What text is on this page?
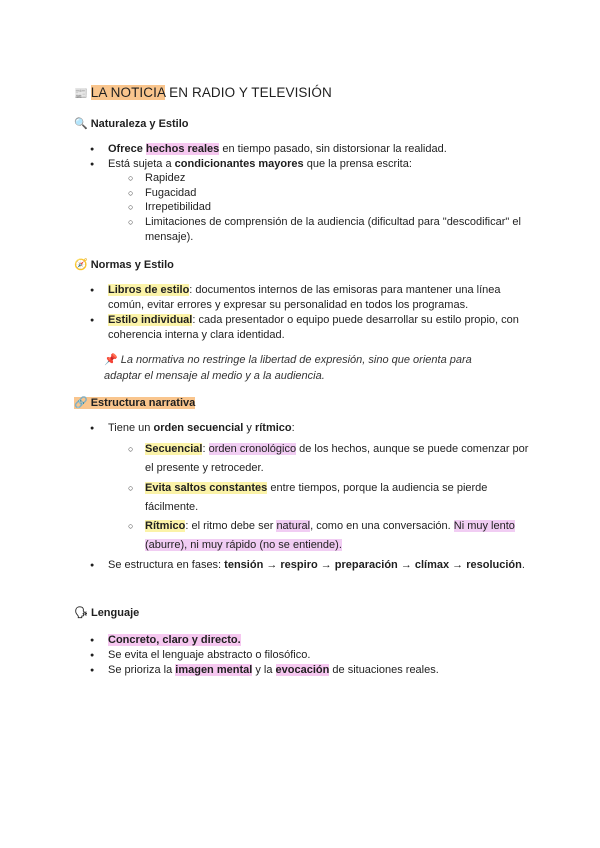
📰 LA NOTICIA EN RADIO Y TELEVISIÓN
🔍 Naturaleza y Estilo
● Ofrece hechos reales en tiempo pasado, sin distorsionar la realidad.
● Está sujeta a condicionantes mayores que la prensa escrita:
○ Rapidez
○ Fugacidad
○ Irrepetibilidad
○ Limitaciones de comprensión de la audiencia (dificultad para "descodificar" el mensaje).
🧭 Normas y Estilo
● Libros de estilo: documentos internos de las emisoras para mantener una línea común, evitar errores y expresar su personalidad en todos los programas.
● Estilo individual: cada presentador o equipo puede desarrollar su estilo propio, con coherencia interna y clara identidad.
📌 La normativa no restringe la libertad de expresión, sino que orienta para adaptar el mensaje al medio y a la audiencia.
🔗 Estructura narrativa
● Tiene un orden secuencial y rítmico:
○ Secuencial: orden cronológico de los hechos, aunque se puede comenzar por el presente y retroceder.
○ Evita saltos constantes entre tiempos, porque la audiencia se pierde fácilmente.
○ Rítmico: el ritmo debe ser natural, como en una conversación. Ni muy lento (aburre), ni muy rápido (no se entiende).
● Se estructura en fases: tensión → respiro → preparación → clímax → resolución.
🗣 Lenguaje
● Concreto, claro y directo.
● Se evita el lenguaje abstracto o filosófico.
● Se prioriza la imagen mental y la evocación de situaciones reales.
